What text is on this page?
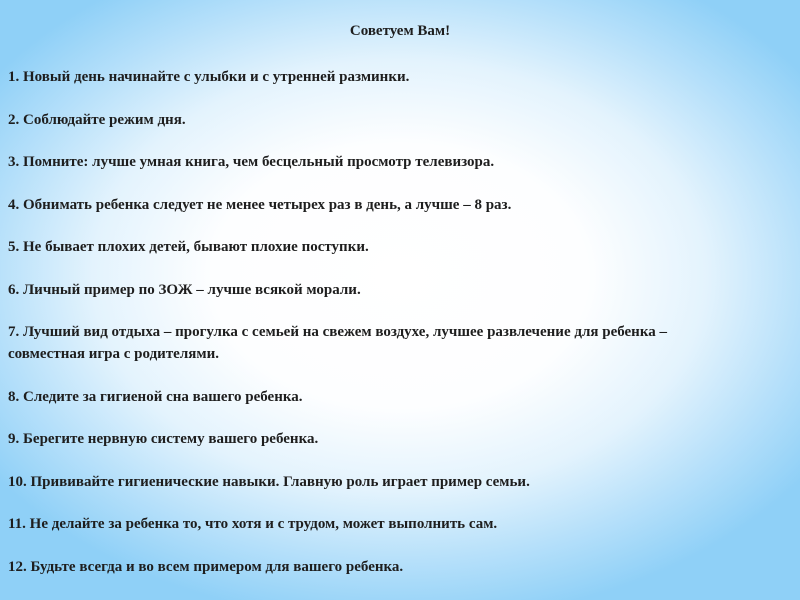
Советуем Вам!
1. Новый день начинайте с улыбки и с утренней разминки.
2. Соблюдайте режим дня.
3. Помните: лучше умная книга, чем бесцельный просмотр телевизора.
4. Обнимать ребенка следует не менее четырех раз в день, а лучше – 8 раз.
5. Не бывает плохих детей, бывают плохие поступки.
6. Личный пример по ЗОЖ – лучше всякой морали.
7. Лучший вид отдыха – прогулка с семьей на свежем воздухе, лучшее развлечение для ребенка –
совместная игра с родителями.
8. Следите за гигиеной сна вашего ребенка.
9. Берегите нервную систему вашего ребенка.
10. Прививайте гигиенические навыки. Главную роль играет пример семьи.
11. Не делайте за ребенка то, что хотя и с трудом, может выполнить сам.
12. Будьте всегда и во всем примером для вашего ребенка.
